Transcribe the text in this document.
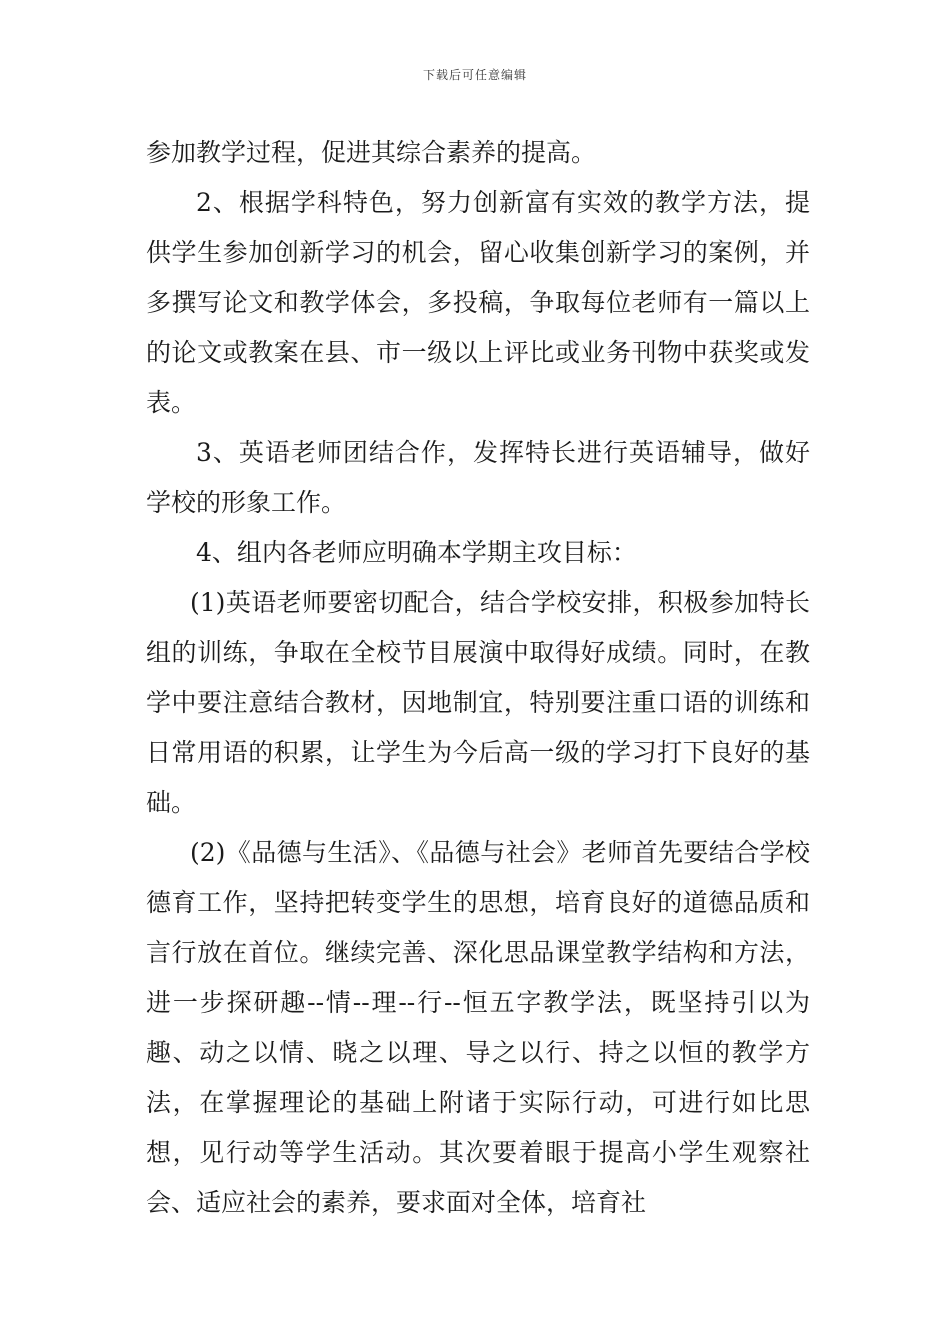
下载后可任意编辑

参加教学过程，促进其综合素养的提高。

2、根据学科特色，努力创新富有实效的教学方法，提供学生参加创新学习的机会，留心收集创新学习的案例，并多撰写论文和教学体会，多投稿，争取每位老师有一篇以上的论文或教案在县、市一级以上评比或业务刊物中获奖或发表。

3、英语老师团结合作，发挥特长进行英语辅导，做好学校的形象工作。

4、组内各老师应明确本学期主攻目标：

(1)英语老师要密切配合，结合学校安排，积极参加特长组的训练，争取在全校节目展演中取得好成绩。同时，在教学中要注意结合教材，因地制宜，特别要注重口语的训练和日常用语的积累，让学生为今后高一级的学习打下良好的基础。

(2)《品德与生活》、《品德与社会》老师首先要结合学校德育工作，坚持把转变学生的思想，培育良好的道德品质和言行放在首位。继续完善、深化思品课堂教学结构和方法，进一步探研趣--情--理--行--恒五字教学法，既坚持引以为趣、动之以情、晓之以理、导之以行、持之以恒的教学方法，在掌握理论的基础上附诸于实际行动，可进行如比思想，见行动等学生活动。其次要着眼于提高小学生观察社会、适应社会的素养，要求面对全体，培育社
